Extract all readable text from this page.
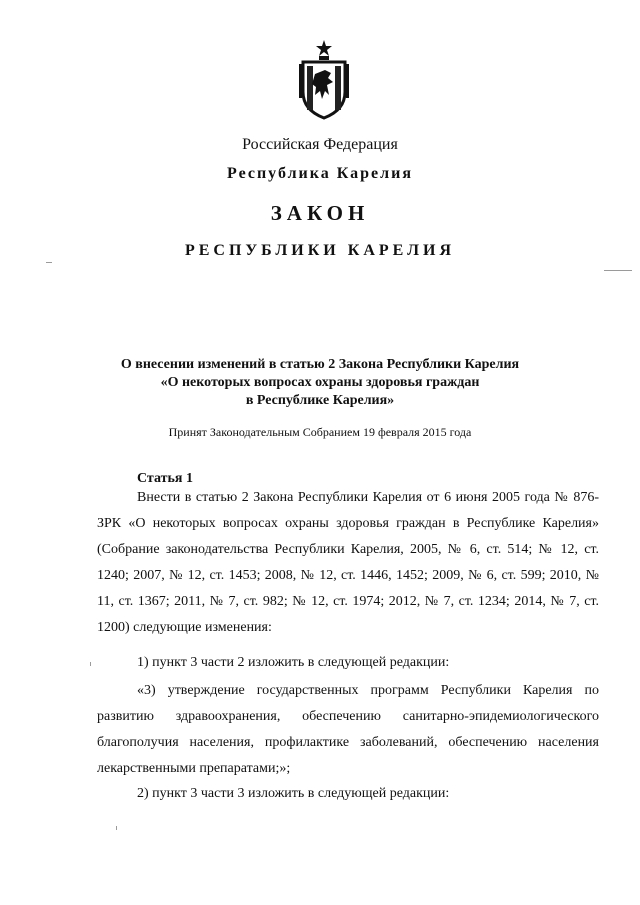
Российская Федерация
Республика Карелия
ЗАКОН
РЕСПУБЛИКИ КАРЕЛИЯ
О внесении изменений в статью 2 Закона Республики Карелия
«О некоторых вопросах охраны здоровья граждан
в Республике Карелия»
Принят Законодательным Собранием 19 февраля 2015 года
Статья 1
Внести в статью 2 Закона Республики Карелия от 6 июня 2005 года № 876-ЗРК «О некоторых вопросах охраны здоровья граждан в Республике Карелия» (Собрание законодательства Республики Карелия, 2005, № 6, ст. 514; № 12, ст. 1240; 2007, № 12, ст. 1453; 2008, № 12, ст. 1446, 1452; 2009, № 6, ст. 599; 2010, № 11, ст. 1367; 2011, № 7, ст. 982; № 12, ст. 1974; 2012, № 7, ст. 1234; 2014, № 7, ст. 1200) следующие изменения:
1) пункт 3 части 2 изложить в следующей редакции:
«3) утверждение государственных программ Республики Карелия по развитию здравоохранения, обеспечению санитарно-эпидемиологического благополучия населения, профилактике заболеваний, обеспечению населения лекарственными препаратами;»;
2) пункт 3 части 3 изложить в следующей редакции:
